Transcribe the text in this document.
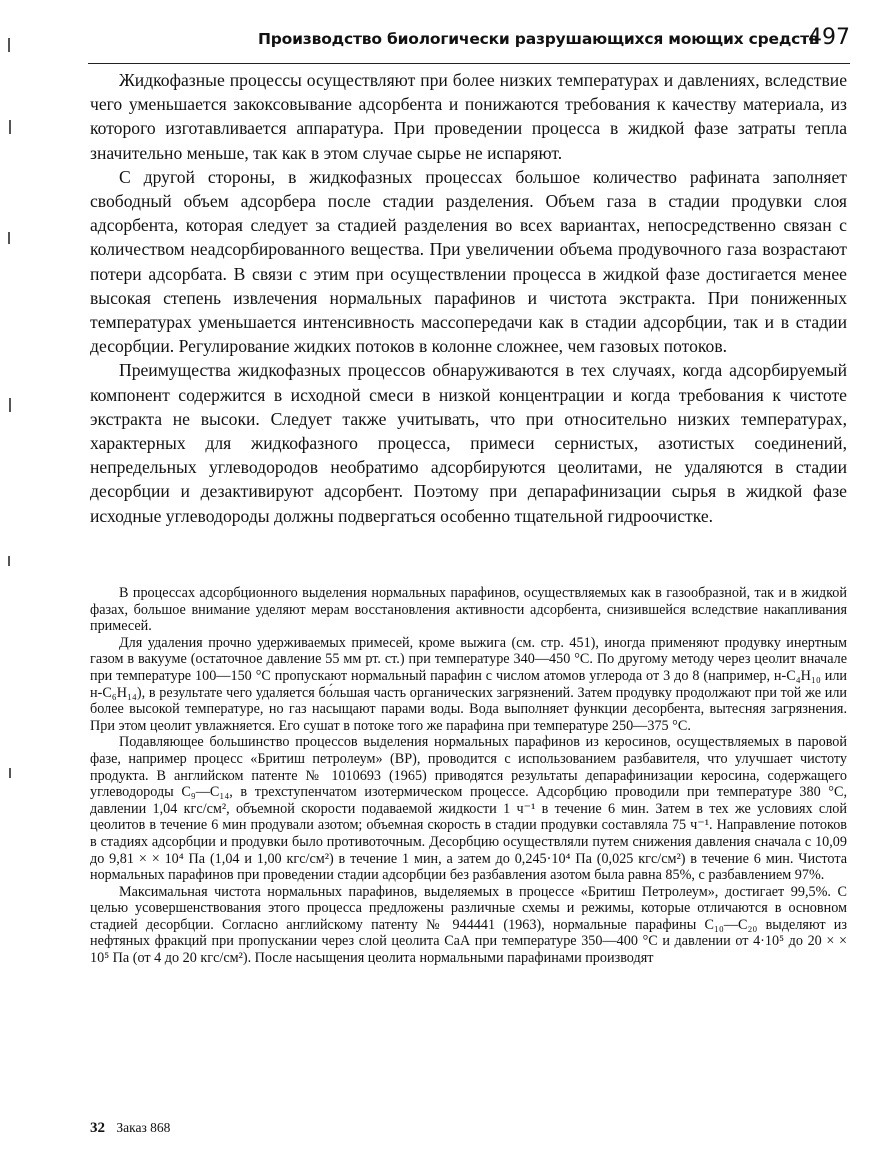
Производство биологически разрушающихся моющих средств
497

Жидкофазные процессы осуществляют при более низких температурах и давлениях, вследствие чего уменьшается закоксовывание адсорбента и понижаются требования к качеству материала, из которого изготавливается аппаратура. При проведении процесса в жидкой фазе затраты тепла значительно меньше, так как в этом случае сырье не испаряют.

С другой стороны, в жидкофазных процессах большое количество рафината заполняет свободный объем адсорбера после стадии разделения. Объем газа в стадии продувки слоя адсорбента, которая следует за стадией разделения во всех вариантах, непосредственно связан с количеством неадсорбированного вещества. При увеличении объема продувочного газа возрастают потери адсорбата. В связи с этим при осуществлении процесса в жидкой фазе достигается менее высокая степень извлечения нормальных парафинов и чистота экстракта. При пониженных температурах уменьшается интенсивность массопередачи как в стадии адсорбции, так и в стадии десорбции. Регулирование жидких потоков в колонне сложнее, чем газовых потоков.

Преимущества жидкофазных процессов обнаруживаются в тех случаях, когда адсорбируемый компонент содержится в исходной смеси в низкой концентрации и когда требования к чистоте экстракта не высоки. Следует также учитывать, что при относительно низких температурах, характерных для жидкофазного процесса, примеси сернистых, азотистых соединений, непредельных углеводородов необратимо адсорбируются цеолитами, не удаляются в стадии десорбции и дезактивируют адсорбент. Поэтому при депарафинизации сырья в жидкой фазе исходные углеводороды должны подвергаться особенно тщательной гидроочистке.

В процессах адсорбционного выделения нормальных парафинов, осуществляемых как в газообразной, так и в жидкой фазах, большое внимание уделяют мерам восстановления активности адсорбента, снизившейся вследствие накапливания примесей.

Для удаления прочно удерживаемых примесей, кроме выжига (см. стр. 451), иногда применяют продувку инертным газом в вакууме (остаточное давление 55 мм рт. ст.) при температуре 340—450 °С. По другому методу через цеолит вначале при температуре 100—150 °С пропускают нормальный парафин с числом атомов углерода от 3 до 8 (например, н-С₄H₁₀ или н-С₆H₁₄), в результате чего удаляется бо́льшая часть органических загрязнений. Затем продувку продолжают при той же или более высокой температуре, но газ насыщают парами воды. Вода выполняет функции десорбента, вытесняя загрязнения. При этом цеолит увлажняется. Его сушат в потоке того же парафина при температуре 250—375 °С.

Подавляющее большинство процессов выделения нормальных парафинов из керосинов, осуществляемых в паровой фазе, например процесс «Бритиш петролеум» (BP), проводится с использованием разбавителя, что улучшает чистоту продукта. В английском патенте № 1010693 (1965) приводятся результаты депарафинизации керосина, содержащего углеводороды С₉—С₁₄, в трехступенчатом изотермическом процессе. Адсорбцию проводили при температуре 380 °С, давлении 1,04 кгс/см², объемной скорости подаваемой жидкости 1 ч⁻¹ в течение 6 мин. Затем в тех же условиях слой цеолитов в течение 6 мин продували азотом; объемная скорость в стадии продувки составляла 75 ч⁻¹. Направление потоков в стадиях адсорбции и продувки было противоточным. Десорбцию осуществляли путем снижения давления сначала с 10,09 до 9,81 × × 10⁴ Па (1,04 и 1,00 кгс/см²) в течение 1 мин, а затем до 0,245·10⁴ Па (0,025 кгс/см²) в течение 6 мин. Чистота нормальных парафинов при проведении стадии адсорбции без разбавления азотом была равна 85%, с разбавлением 97%.

Максимальная чистота нормальных парафинов, выделяемых в процессе «Бритиш Петролеум», достигает 99,5%. С целью усовершенствования этого процесса предложены различные схемы и режимы, которые отличаются в основном стадией десорбции. Согласно английскому патенту № 944441 (1963), нормальные парафины С₁₀—С₂₀ выделяют из нефтяных фракций при пропускании через слой цеолита СаА при температуре 350—400 °С и давлении от 4·10⁵ до 20 × × 10⁵ Па (от 4 до 20 кгс/см²). После насыщения цеолита нормальными парафинами производят

32 Заказ 868
